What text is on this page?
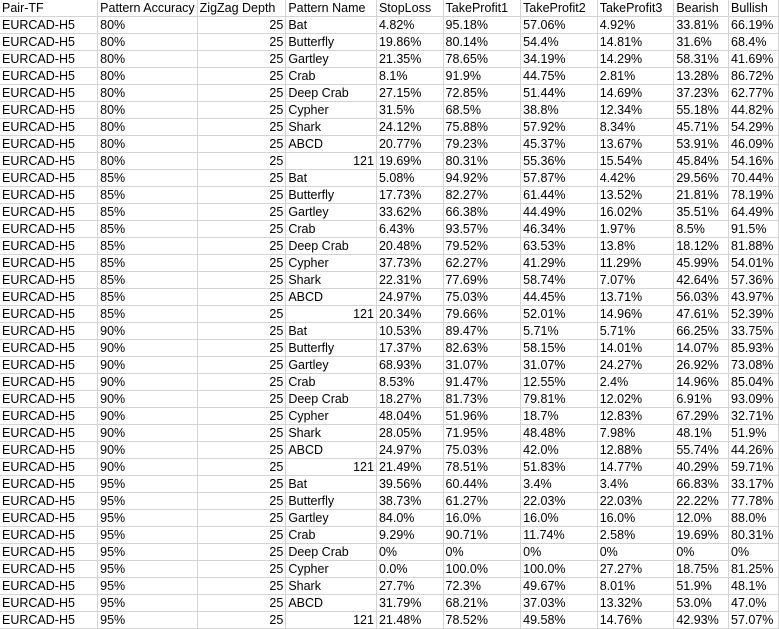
Pair-TF	Pattern Accuracy	ZigZag Depth	Pattern Name	StopLoss	TakeProfit1	TakeProfit2	TakeProfit3	Bearish	Bullish
EURCAD-H5	80%	25	Bat	4.82%	95.18%	57.06%	4.92%	33.81%	66.19%
EURCAD-H5	80%	25	Butterfly	19.86%	80.14%	54.4%	14.81%	31.6%	68.4%
EURCAD-H5	80%	25	Gartley	21.35%	78.65%	34.19%	14.29%	58.31%	41.69%
EURCAD-H5	80%	25	Crab	8.1%	91.9%	44.75%	2.81%	13.28%	86.72%
EURCAD-H5	80%	25	Deep Crab	27.15%	72.85%	51.44%	14.69%	37.23%	62.77%
EURCAD-H5	80%	25	Cypher	31.5%	68.5%	38.8%	12.34%	55.18%	44.82%
EURCAD-H5	80%	25	Shark	24.12%	75.88%	57.92%	8.34%	45.71%	54.29%
EURCAD-H5	80%	25	ABCD	20.77%	79.23%	45.37%	13.67%	53.91%	46.09%
EURCAD-H5	80%	25	121	19.69%	80.31%	55.36%	15.54%	45.84%	54.16%
EURCAD-H5	85%	25	Bat	5.08%	94.92%	57.87%	4.42%	29.56%	70.44%
EURCAD-H5	85%	25	Butterfly	17.73%	82.27%	61.44%	13.52%	21.81%	78.19%
EURCAD-H5	85%	25	Gartley	33.62%	66.38%	44.49%	16.02%	35.51%	64.49%
EURCAD-H5	85%	25	Crab	6.43%	93.57%	46.34%	1.97%	8.5%	91.5%
EURCAD-H5	85%	25	Deep Crab	20.48%	79.52%	63.53%	13.8%	18.12%	81.88%
EURCAD-H5	85%	25	Cypher	37.73%	62.27%	41.29%	11.29%	45.99%	54.01%
EURCAD-H5	85%	25	Shark	22.31%	77.69%	58.74%	7.07%	42.64%	57.36%
EURCAD-H5	85%	25	ABCD	24.97%	75.03%	44.45%	13.71%	56.03%	43.97%
EURCAD-H5	85%	25	121	20.34%	79.66%	52.01%	14.96%	47.61%	52.39%
EURCAD-H5	90%	25	Bat	10.53%	89.47%	5.71%	5.71%	66.25%	33.75%
EURCAD-H5	90%	25	Butterfly	17.37%	82.63%	58.15%	14.01%	14.07%	85.93%
EURCAD-H5	90%	25	Gartley	68.93%	31.07%	31.07%	24.27%	26.92%	73.08%
EURCAD-H5	90%	25	Crab	8.53%	91.47%	12.55%	2.4%	14.96%	85.04%
EURCAD-H5	90%	25	Deep Crab	18.27%	81.73%	79.81%	12.02%	6.91%	93.09%
EURCAD-H5	90%	25	Cypher	48.04%	51.96%	18.7%	12.83%	67.29%	32.71%
EURCAD-H5	90%	25	Shark	28.05%	71.95%	48.48%	7.98%	48.1%	51.9%
EURCAD-H5	90%	25	ABCD	24.97%	75.03%	42.0%	12.88%	55.74%	44.26%
EURCAD-H5	90%	25	121	21.49%	78.51%	51.83%	14.77%	40.29%	59.71%
EURCAD-H5	95%	25	Bat	39.56%	60.44%	3.4%	3.4%	66.83%	33.17%
EURCAD-H5	95%	25	Butterfly	38.73%	61.27%	22.03%	22.03%	22.22%	77.78%
EURCAD-H5	95%	25	Gartley	84.0%	16.0%	16.0%	16.0%	12.0%	88.0%
EURCAD-H5	95%	25	Crab	9.29%	90.71%	11.74%	2.58%	19.69%	80.31%
EURCAD-H5	95%	25	Deep Crab	0%	0%	0%	0%	0%	0%
EURCAD-H5	95%	25	Cypher	0.0%	100.0%	100.0%	27.27%	18.75%	81.25%
EURCAD-H5	95%	25	Shark	27.7%	72.3%	49.67%	8.01%	51.9%	48.1%
EURCAD-H5	95%	25	ABCD	31.79%	68.21%	37.03%	13.32%	53.0%	47.0%
EURCAD-H5	95%	25	121	21.48%	78.52%	49.58%	14.76%	42.93%	57.07%
